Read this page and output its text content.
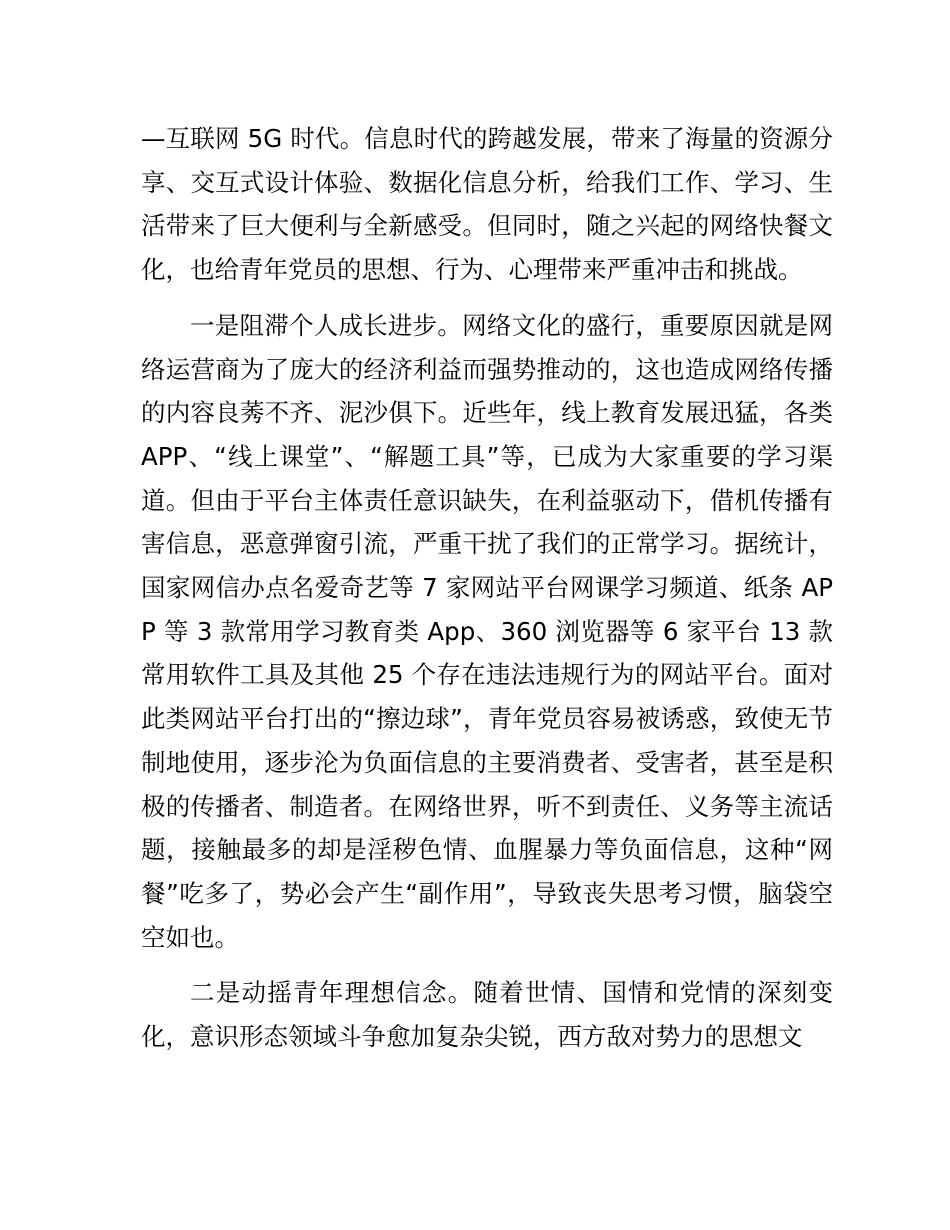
—互联网 5G 时代。信息时代的跨越发展，带来了海量的资源分享、交互式设计体验、数据化信息分析，给我们工作、学习、生活带来了巨大便利与全新感受。但同时，随之兴起的网络快餐文化，也给青年党员的思想、行为、心理带来严重冲击和挑战。

一是阻滞个人成长进步。网络文化的盛行，重要原因就是网络运营商为了庞大的经济利益而强势推动的，这也造成网络传播的内容良莠不齐、泥沙俱下。近些年，线上教育发展迅猛，各类 APP、“线上课堂”、“解题工具”等，已成为大家重要的学习渠道。但由于平台主体责任意识缺失，在利益驱动下，借机传播有害信息，恶意弹窗引流，严重干扰了我们的正常学习。据统计，国家网信办点名爱奇艺等 7 家网站平台网课学习频道、纸条 APP 等 3 款常用学习教育类 App、360 浏览器等 6 家平台 13 款常用软件工具及其他 25 个存在违法违规行为的网站平台。面对此类网站平台打出的“擦边球”，青年党员容易被诱惑，致使无节制地使用，逐步沦为负面信息的主要消费者、受害者，甚至是积极的传播者、制造者。在网络世界，听不到责任、义务等主流话题，接触最多的却是淫秽色情、血腥暴力等负面信息，这种“网餐”吃多了，势必会产生“副作用”，导致丧失思考习惯，脑袋空空如也。

二是动摇青年理想信念。随着世情、国情和党情的深刻变化，意识形态领域斗争愈加复杂尖锐，西方敌对势力的思想文
